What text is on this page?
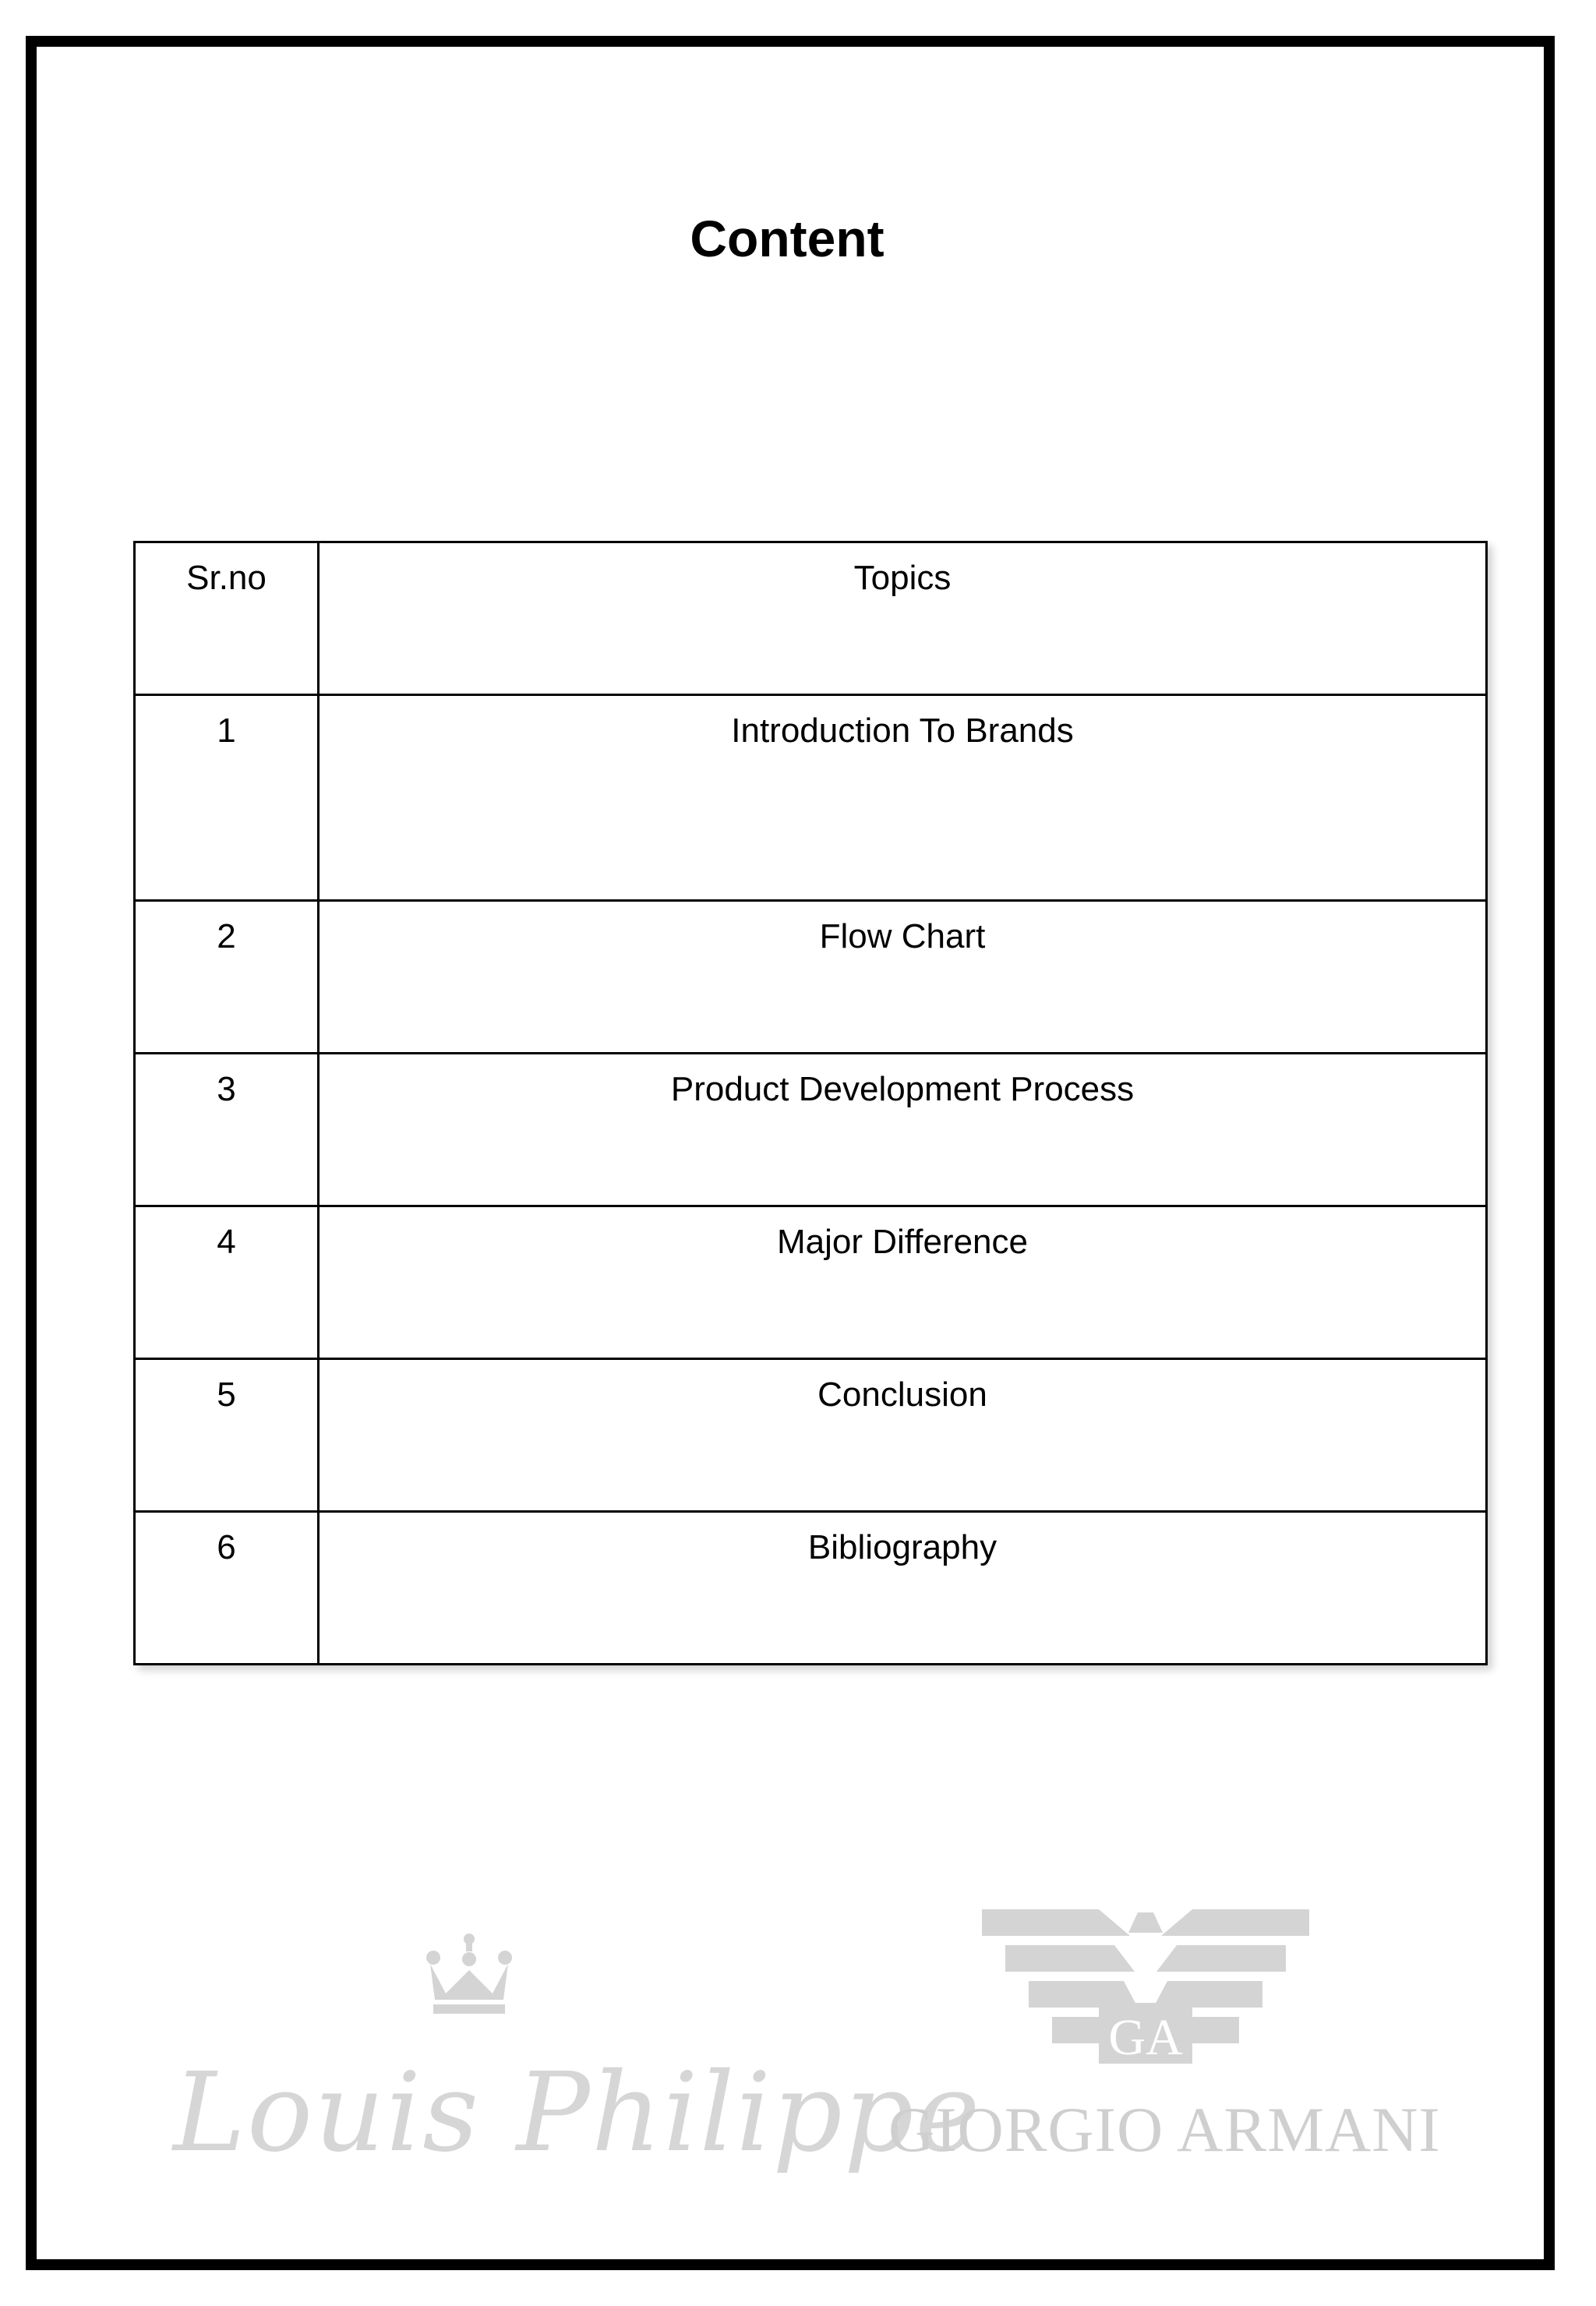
Content
Sr.no	Topics
1	Introduction To Brands
2	Flow Chart
3	Product Development Process
4	Major Difference
5	Conclusion
6	Bibliography
Louis Philippe
GA
GIORGIO ARMANI
